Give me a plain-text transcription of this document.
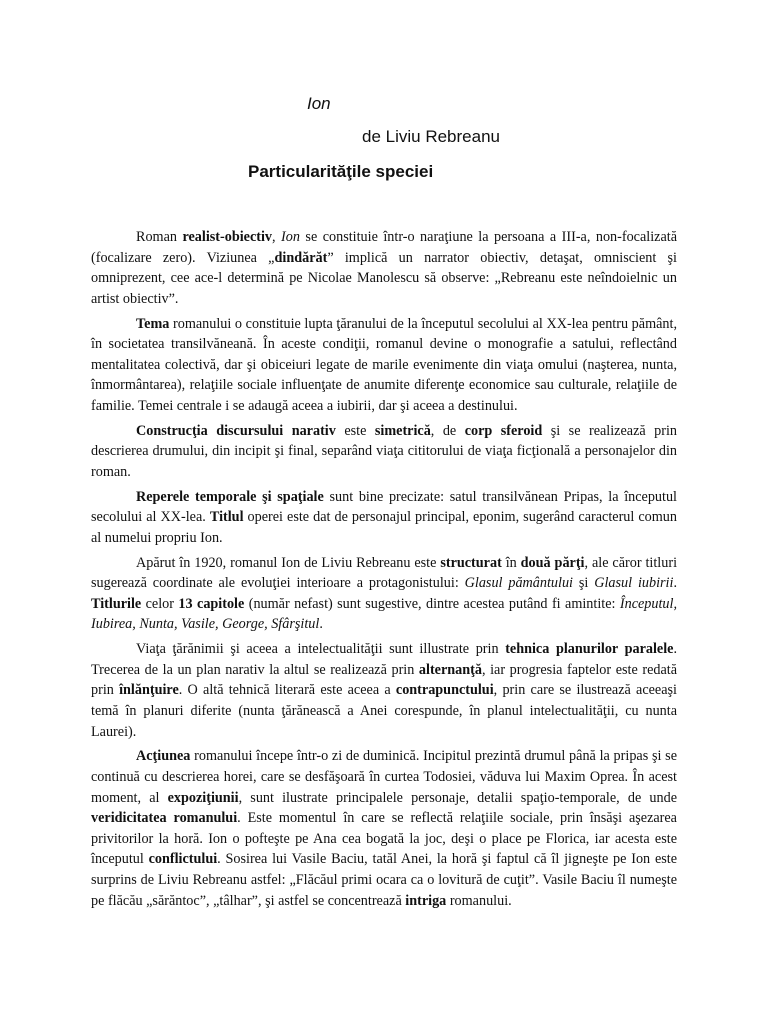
Ion
de Liviu Rebreanu
Particularităţile speciei

Roman realist-obiectiv, Ion se constituie într-o naraţiune la persoana a III-a, non-focalizată (focalizare zero). Viziunea „dindărăt” implică un narrator obiectiv, detaşat, omniscient şi omniprezent, cee ace-l determină pe Nicolae Manolescu să observe: „Rebreanu este neîndoielnic un artist obiectiv”.

Tema romanului o constituie lupta ţăranului de la începutul secolului al XX-lea pentru pământ, în societatea transilvăneană. În aceste condiţii, romanul devine o monografie a satului, reflectând mentalitatea colectivă, dar şi obiceiuri legate de marile evenimente din viaţa omului (naşterea, nunta, înmormântarea), relaţiile sociale influenţate de anumite diferenţe economice sau culturale, relaţiile de familie. Temei centrale i se adaugă aceea a iubirii, dar şi aceea a destinului.

Construcţia discursului narativ este simetrică, de corp sferoid şi se realizează prin descrierea drumului, din incipit şi final, separând viaţa cititorului de viaţa ficţională a personajelor din roman.

Reperele temporale şi spaţiale sunt bine precizate: satul transilvănean Pripas, la începutul secolului al XX-lea. Titlul operei este dat de personajul principal, eponim, sugerând caracterul comun al numelui propriu Ion.

Apărut în 1920, romanul Ion de Liviu Rebreanu este structurat în două părţi, ale căror titluri sugerează coordinate ale evoluţiei interioare a protagonistului: Glasul pământului şi Glasul iubirii. Titlurile celor 13 capitole (număr nefast) sunt sugestive, dintre acestea putând fi amintite: Începutul, Iubirea, Nunta, Vasile, George, Sfârşitul.

Viaţa ţărănimii şi aceea a intelectualităţii sunt illustrate prin tehnica planurilor paralele. Trecerea de la un plan narativ la altul se realizează prin alternanţă, iar progresia faptelor este redată prin înlănţuire. O altă tehnică literară este aceea a contrapunctului, prin care se ilustrează aceeaşi temă în planuri diferite (nunta ţărănească a Anei corespunde, în planul intelectualităţii, cu nunta Laurei).

Acţiunea romanului începe într-o zi de duminică. Incipitul prezintă drumul până la pripas şi se continuă cu descrierea horei, care se desfăşoară în curtea Todosiei, văduva lui Maxim Oprea. În acest moment, al expoziţiunii, sunt ilustrate principalele personaje, detalii spaţio-temporale, de unde veridicitatea romanului. Este momentul în care se reflectă relaţiile sociale, prin însăşi aşezarea privitorilor la horă. Ion o pofteşte pe Ana cea bogată la joc, deşi o place pe Florica, iar acesta este începutul conflictului. Sosirea lui Vasile Baciu, tatăl Anei, la horă şi faptul că îl jigneşte pe Ion este surprins de Liviu Rebreanu astfel: „Flăcăul primi ocara ca o lovitură de cuţit”. Vasile Baciu îl numeşte pe flăcău „sărăntoc”, „tâlhar”, şi astfel se concentrează intriga romanului.
